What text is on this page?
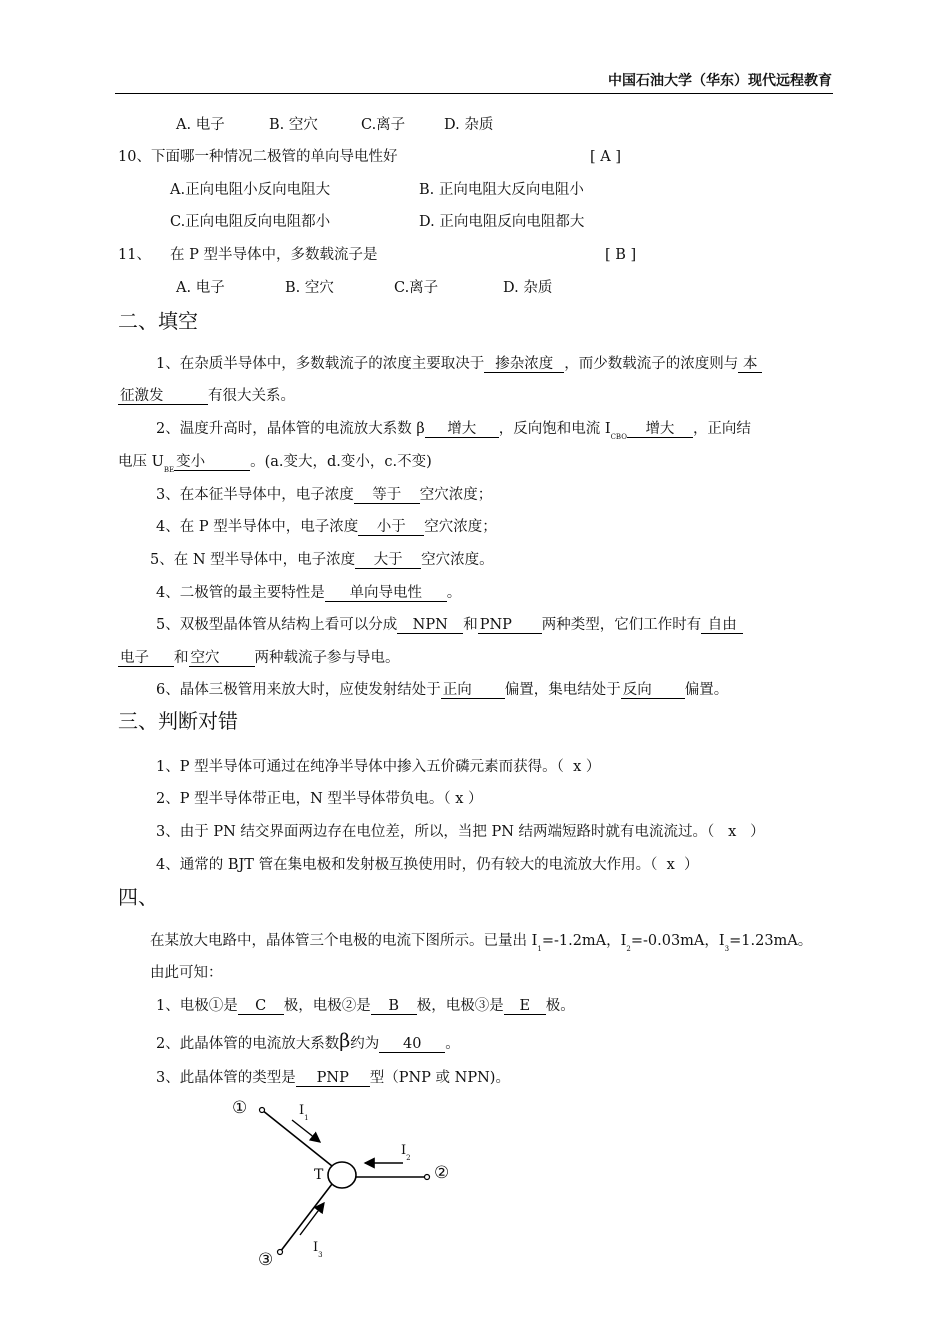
中国石油大学（华东）现代远程教育
A. 电子	B. 空穴	C.离子	D. 杂质
10、下面哪一种情况二极管的单向导电性好	[ A ]
A.正向电阻小反向电阻大	B. 正向电阻大反向电阻小
C.正向电阻反向电阻都小	D. 正向电阻反向电阻都大
11、 在 P 型半导体中，多数载流子是	[ B ]
A. 电子	B. 空穴	C.离子	D. 杂质
二、填空
1、在杂质半导体中，多数载流子的浓度主要取决于 掺杂浓度 ，而少数载流子的浓度则与 本
征激发	有很大关系。
2、温度升高时，晶体管的电流放大系数 β 增大 ，反向饱和电流 $I_{CBO}$ 增大 ，正向结
电压 $U_{BE}$ 变小	。(a.变大，d.变小，c.不变)
3、在本征半导体中，电子浓度 等于 空穴浓度；
4、在 P 型半导体中，电子浓度 小于 空穴浓度；
5、在 N 型半导体中，电子浓度 大于 空穴浓度。
4、二极管的最主要特性是 单向导电性 。
5、双极型晶体管从结构上看可以分成 NPN 和 PNP 两种类型，它们工作时有 自由
电子 和 空穴 两种载流子参与导电。
6、晶体三极管用来放大时，应使发射结处于 正向 偏置，集电结处于 反向 偏置。
三、判断对错
1、P 型半导体可通过在纯净半导体中掺入五价磷元素而获得。（ x ）
2、P 型半导体带正电，N 型半导体带负电。（ x ）
3、由于 PN 结交界面两边存在电位差，所以，当把 PN 结两端短路时就有电流流过。（ x ）
4、通常的 BJT 管在集电极和发射极互换使用时，仍有较大的电流放大作用。（ x ）
四、
在某放大电路中，晶体管三个电极的电流下图所示。已量出 $I_1=-1.2mA$，$I_2=-0.03mA$，$I_3=1.23mA$。
由此可知：
1、电极①是 C 极，电极②是 B 极，电极③是 E 极。
2、此晶体管的电流放大系数β约为 40 。
3、此晶体管的类型是 PNP 型（PNP 或 NPN)。
①
②
③
T
$I_1$
$I_2$
$I_3$
